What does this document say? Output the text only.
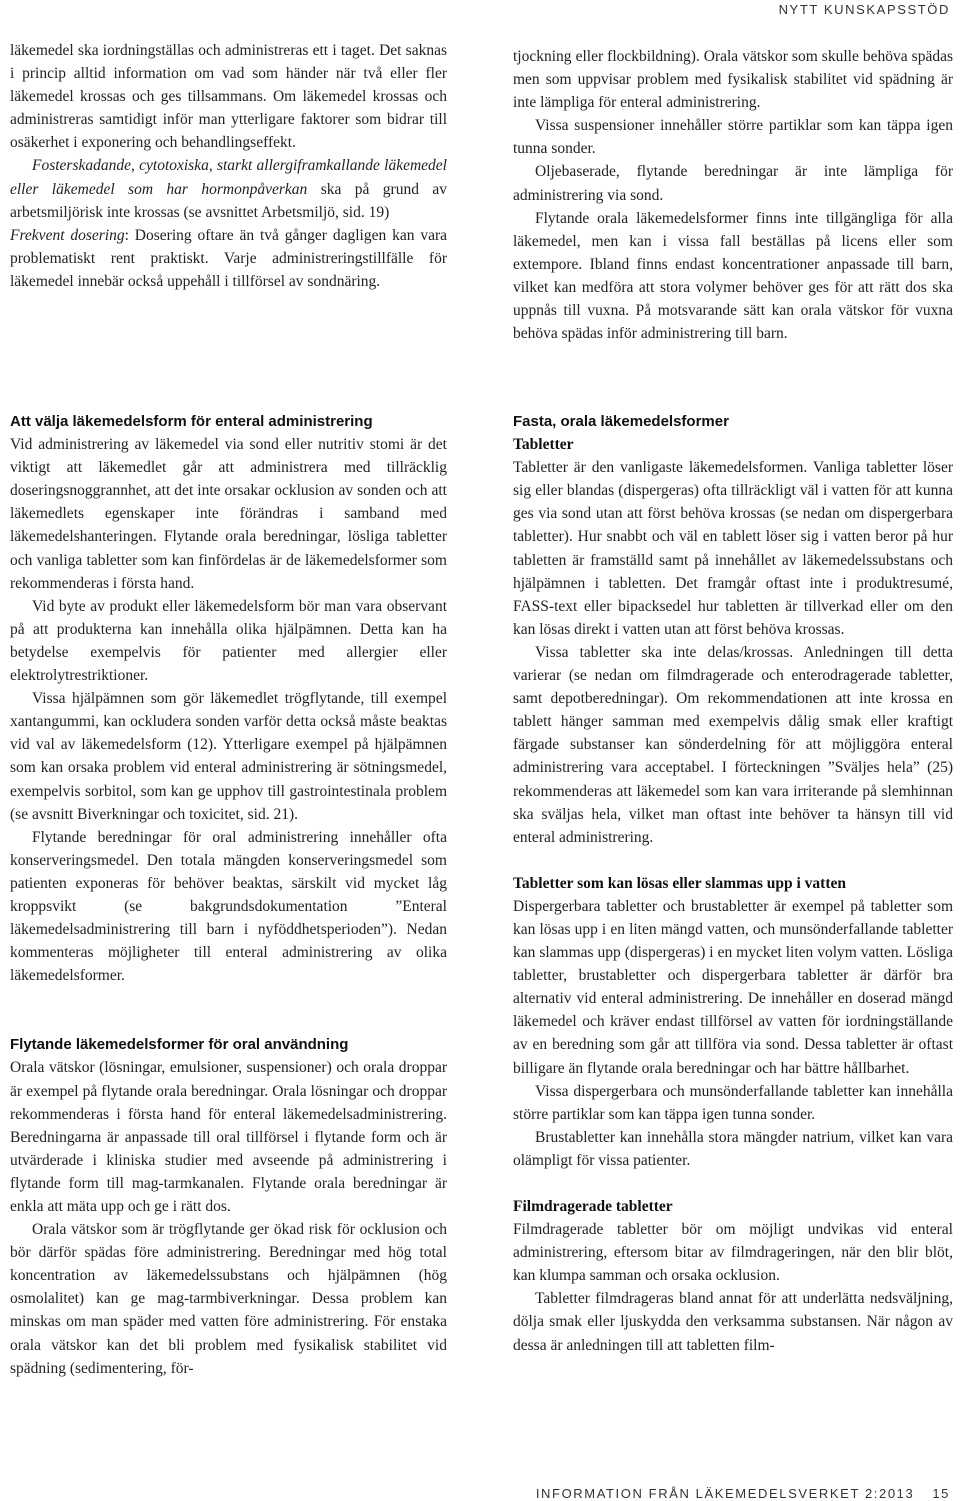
NYTT KUNSKAPSSTÖD

läkemedel ska iordningställas och administreras ett i taget. Det saknas i princip alltid information om vad som händer när två eller fler läkemedel krossas och ges tillsammans. Om läkemedel krossas och administreras samtidigt inför man ytterligare faktorer som bidrar till osäkerhet i exponering och behandlingseffekt.

Fosterskadande, cytotoxiska, starkt allergiframkallande läkemedel eller läkemedel som har hormonpåverkan ska på grund av arbetsmiljörisk inte krossas (se avsnittet Arbetsmiljö, sid. 19)

Frekvent dosering: Dosering oftare än två gånger dagligen kan vara problematiskt rent praktiskt. Varje administreringstillfälle för läkemedel innebär också uppehåll i tillförsel av sondnäring.

tjockning eller flockbildning). Orala vätskor som skulle behöva spädas men som uppvisar problem med fysikalisk stabilitet vid spädning är inte lämpliga för enteral administrering.

Vissa suspensioner innehåller större partiklar som kan täppa igen tunna sonder.

Oljebaserade, flytande beredningar är inte lämpliga för administrering via sond.

Flytande orala läkemedelsformer finns inte tillgängliga för alla läkemedel, men kan i vissa fall beställas på licens eller som extempore. Ibland finns endast koncentrationer anpassade till barn, vilket kan medföra att stora volymer behöver ges för att rätt dos ska uppnås till vuxna. På motsvarande sätt kan orala vätskor för vuxna behöva spädas inför administrering till barn.

Att välja läkemedelsform för enteral administrering

Vid administrering av läkemedel via sond eller nutritiv stomi är det viktigt att läkemedlet går att administrera med tillräcklig doseringsnoggrannhet, att det inte orsakar ocklusion av sonden och att läkemedlets egenskaper inte förändras i samband med läkemedelshanteringen. Flytande orala beredningar, lösliga tabletter och vanliga tabletter som kan finfördelas är de läkemedelsformer som rekommenderas i första hand.

Vid byte av produkt eller läkemedelsform bör man vara observant på att produkterna kan innehålla olika hjälpämnen. Detta kan ha betydelse exempelvis för patienter med allergier eller elektrolytrestriktioner.

Vissa hjälpämnen som gör läkemedlet trögflytande, till exempel xantangummi, kan ockludera sonden varför detta också måste beaktas vid val av läkemedelsform (12). Ytterligare exempel på hjälpämnen som kan orsaka problem vid enteral administrering är sötningsmedel, exempelvis sorbitol, som kan ge upphov till gastrointestinala problem (se avsnitt Biverkningar och toxicitet, sid. 21).

Flytande beredningar för oral administrering innehåller ofta konserveringsmedel. Den totala mängden konserveringsmedel som patienten exponeras för behöver beaktas, särskilt vid mycket låg kroppsvikt (se bakgrundsdokumentation ”Enteral läkemedelsadministrering till barn i nyföddhetsperioden”). Nedan kommenteras möjligheter till enteral administrering av olika läkemedelsformer.

Flytande läkemedelsformer för oral användning

Orala vätskor (lösningar, emulsioner, suspensioner) och orala droppar är exempel på flytande orala beredningar. Orala lösningar och droppar rekommenderas i första hand för enteral läkemedelsadministrering. Beredningarna är anpassade till oral tillförsel i flytande form och är utvärderade i kliniska studier med avseende på administrering i flytande form till mag-tarmkanalen. Flytande orala beredningar är enkla att mäta upp och ge i rätt dos.

Orala vätskor som är trögflytande ger ökad risk för ocklusion och bör därför spädas före administrering. Beredningar med hög total koncentration av läkemedelssubstans och hjälpämnen (hög osmolalitet) kan ge mag-tarmbiverkningar. Dessa problem kan minskas om man späder med vatten före administrering. För enstaka orala vätskor kan det bli problem med fysikalisk stabilitet vid spädning (sedimentering, för-

Fasta, orala läkemedelsformer
Tabletter

Tabletter är den vanligaste läkemedelsformen. Vanliga tabletter löser sig eller blandas (dispergeras) ofta tillräckligt väl i vatten för att kunna ges via sond utan att först behöva krossas (se nedan om dispergerbara tabletter). Hur snabbt och väl en tablett löser sig i vatten beror på hur tabletten är framställd samt på innehållet av läkemedelssubstans och hjälpämnen i tabletten. Det framgår oftast inte i produktresumé, FASS-text eller bipacksedel hur tabletten är tillverkad eller om den kan lösas direkt i vatten utan att först behöva krossas.

Vissa tabletter ska inte delas/krossas. Anledningen till detta varierar (se nedan om filmdragerade och enterodragerade tabletter, samt depotberedningar). Om rekommendationen att inte krossa en tablett hänger samman med exempelvis dålig smak eller kraftigt färgade substanser kan sönderdelning för att möjliggöra enteral administrering vara acceptabel. I förteckningen ”Sväljes hela” (25) rekommenderas att läkemedel som kan vara irriterande på slemhinnan ska sväljas hela, vilket man oftast inte behöver ta hänsyn till vid enteral administrering.

Tabletter som kan lösas eller slammas upp i vatten

Dispergerbara tabletter och brustabletter är exempel på tabletter som kan lösas upp i en liten mängd vatten, och munsönderfallande tabletter kan slammas upp (dispergeras) i en mycket liten volym vatten. Lösliga tabletter, brustabletter och dispergerbara tabletter är därför bra alternativ vid enteral administrering. De innehåller en doserad mängd läkemedel och kräver endast tillförsel av vatten för iordningställande av en beredning som går att tillföra via sond. Dessa tabletter är oftast billigare än flytande orala beredningar och har bättre hållbarhet.

Vissa dispergerbara och munsönderfallande tabletter kan innehålla större partiklar som kan täppa igen tunna sonder.

Brustabletter kan innehålla stora mängder natrium, vilket kan vara olämpligt för vissa patienter.

Filmdragerade tabletter

Filmdragerade tabletter bör om möjligt undvikas vid enteral administrering, eftersom bitar av filmdrageringen, när den blir blöt, kan klumpa samman och orsaka ocklusion.

Tabletter filmdrageras bland annat för att underlätta nedsväljning, dölja smak eller ljuskydda den verksamma substansen. När någon av dessa är anledningen till att tabletten film-

INFORMATION FRÅN LÄKEMEDELSVERKET 2:2013 15
